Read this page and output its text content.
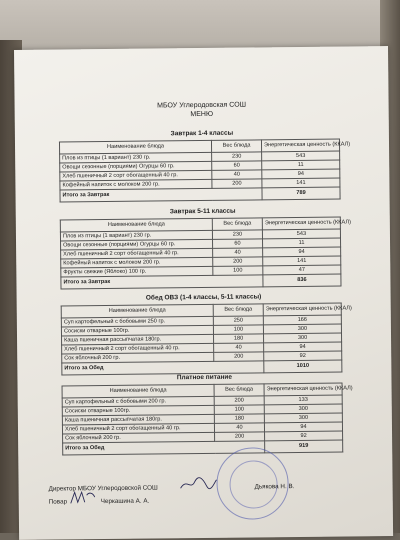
МБОУ Углеродовская СОШ
МЕНЮ
Завтрак 1-4 классы
Наименование блюда	Вес блюда	Энергетическая ценность (ККАЛ)
Плов из птицы (1 вариант) 230 гр.	230	543
Овощи сезонные (порциями) Огурцы 60 гр.	60	11
Хлеб пшеничный 2 сорт обогащенный 40 гр.	40	94
Кофейный напиток с молоком 200 гр.	200	141
Итого за Завтрак		789
Завтрак 5-11 классы
Наименование блюда	Вес блюда	Энергетическая ценность (ККАЛ)
Плов из птицы (1 вариант) 230 гр.	230	543
Овощи сезонные (порциями) Огурцы 60 гр.	60	11
Хлеб пшеничный 2 сорт обогащенный 40 гр.	40	94
Кофейный напиток с молоком 200 гр.	200	141
Фрукты свежие (Яблоко) 100 гр.	100	47
Итого за Завтрак		836
Обед ОВЗ (1-4 классы, 5-11 классы)
Наименование блюда	Вес блюда	Энергетическая ценность (ККАЛ)
Суп картофельный с бобовыми 250 гр.	250	166
Сосиски отварные 100гр.	100	300
Каша пшеничная рассыпчатая 180гр.	180	300
Хлеб пшеничный 2 сорт обогащенный 40 гр.	40	94
Сок яблочный 200 гр.	200	92
Итого за Обед		1010
Платное питание
Наименование блюда	Вес блюда	Энергетическая ценность (ККАЛ)
Суп картофельный с бобовыми 200 гр.	200	133
Сосиски отварные 100гр.	100	300
Каша пшеничная рассыпчатая 180гр.	180	300
Хлеб пшеничный 2 сорт обогащенный 40 гр.	40	94
Сок яблочный 200 гр.	200	92
Итого за Обед		919
Директор МБОУ Углеродовской СОШ	Дьякова Н. В.
Повар	Черкашина А. А.
